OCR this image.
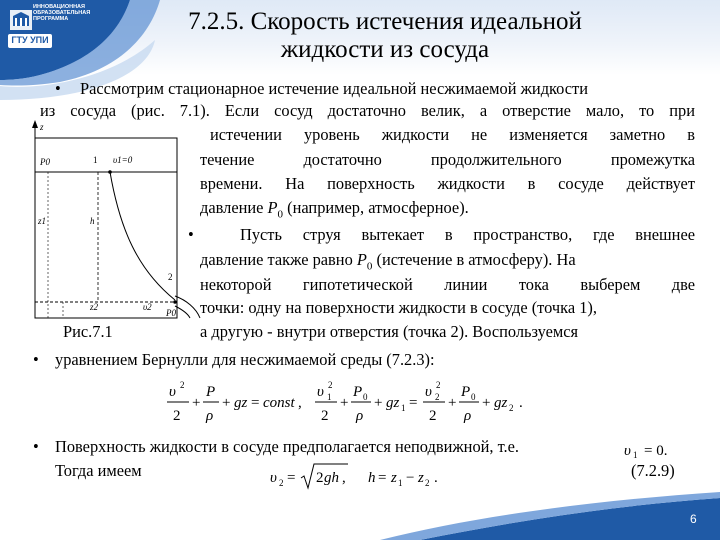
ИННОВАЦИОННАЯ ОБРАЗОВАТЕЛЬНАЯ ПРОГРАММА
ГТУ УПИ
7.2.5. Скорость истечения идеальной
жидкости из сосуда
• Рассмотрим стационарное истечение идеальной несжимаемой жидкости
из сосуда (рис. 7.1). Если сосуд достаточно велик, а отверстие мало, то при
истечении уровень жидкости не изменяется заметно в
течение достаточно продолжительного промежутка
времени. На поверхность жидкости в сосуде действует
давление $P_0$ (например, атмосферное).
•	Пусть струя вытекает в пространство, где внешнее
давление также равно $P_0$ (истечение в атмосферу). На
некоторой гипотетической линии тока выберем две
точки: одну на поверхности жидкости в сосуде (точка 1),
а другую - внутри отверстия (точка 2). Воспользуемся
• уравнением Бернулли для несжимаемой среды (7.2.3):
z
P0	1 υ1=0
z1	h
z2	υ2
2
P0
Рис.7.1
υ 2
2
+
P
ρ
+ gz = const ,
υ 2
1
2
+
P 0
ρ
+ gz 1 =
υ 2
2
2
+
P 0
ρ
+ gz 2 .
• Поверхность жидкости в сосуде предполагается неподвижной, т.е.	υ 1 = 0.
Тогда имеем	υ 2 = 2 gh , h = z 1 − z 2 .	(7.2.9)
6
